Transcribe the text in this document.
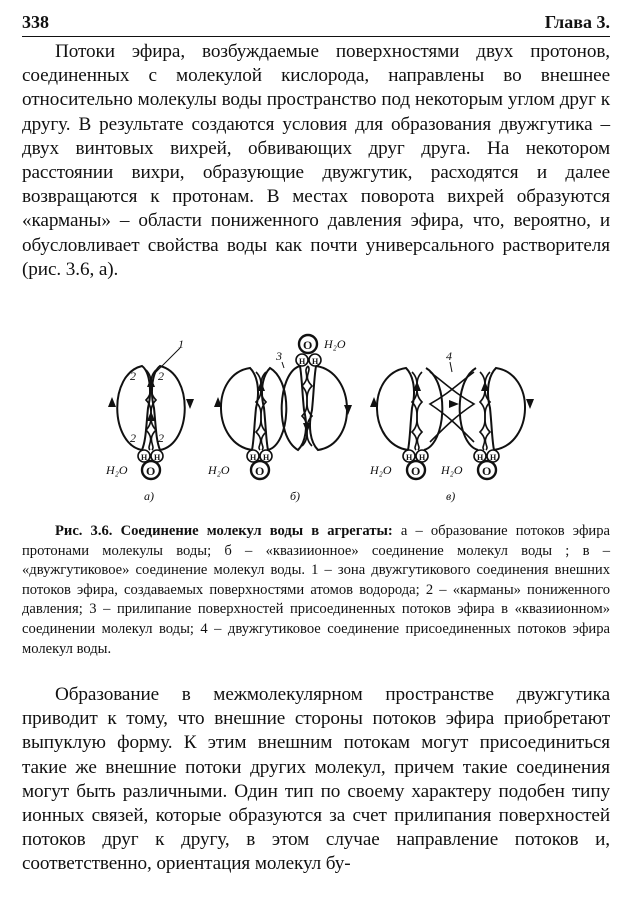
338	Глава 3.

Потоки эфира, возбуждаемые поверхностями двух протонов, соединенных с молекулой кислорода, направлены во внешнее относительно молекулы воды пространство под некоторым углом друг к другу. В результате создаются условия для образования двужгутика – двух винтовых вихрей, обвивающих друг друга. На некотором расстоянии вихри, образующие двужгутик, расходятся и далее возвращаются к протонам. В местах поворота вихрей образуются «карманы» – области пониженного давления эфира, что, вероятно, и обусловливает свойства воды как почти универсального растворителя (рис. 3.6, а).

1
2 2
2 2
H H
O
H₂O
а)
3
H H
O
H₂O
H H
O H₂O
б)
4
H H
O
H₂O
H H
O
H₂O
в)

Рис. 3.6. Соединение молекул воды в агрегаты: а – образование потоков эфира протонами молекулы воды; б – «квазиионное» соединение молекул воды ; в – «двужгутиковое» соединение молекул воды. 1 – зона двужгутикового соединения внешних потоков эфира, создаваемых поверхностями атомов водорода; 2 – «карманы» пониженного давления; 3 – прилипание поверхностей присоединенных потоков эфира в «квазиионном» соединении молекул воды; 4 – двужгутиковое соединение присоединенных потоков эфира молекул воды.

Образование в межмолекулярном пространстве двужгутика приводит к тому, что внешние стороны потоков эфира приобретают выпуклую форму. К этим внешним потокам могут присоединиться такие же внешние потоки других молекул, причем такие соединения могут быть различными. Один тип по своему характеру подобен типу ионных связей, которые образуются за счет прилипания поверхностей потоков друг к другу, в этом случае направление потоков и, соответственно, ориентация молекул бу-
